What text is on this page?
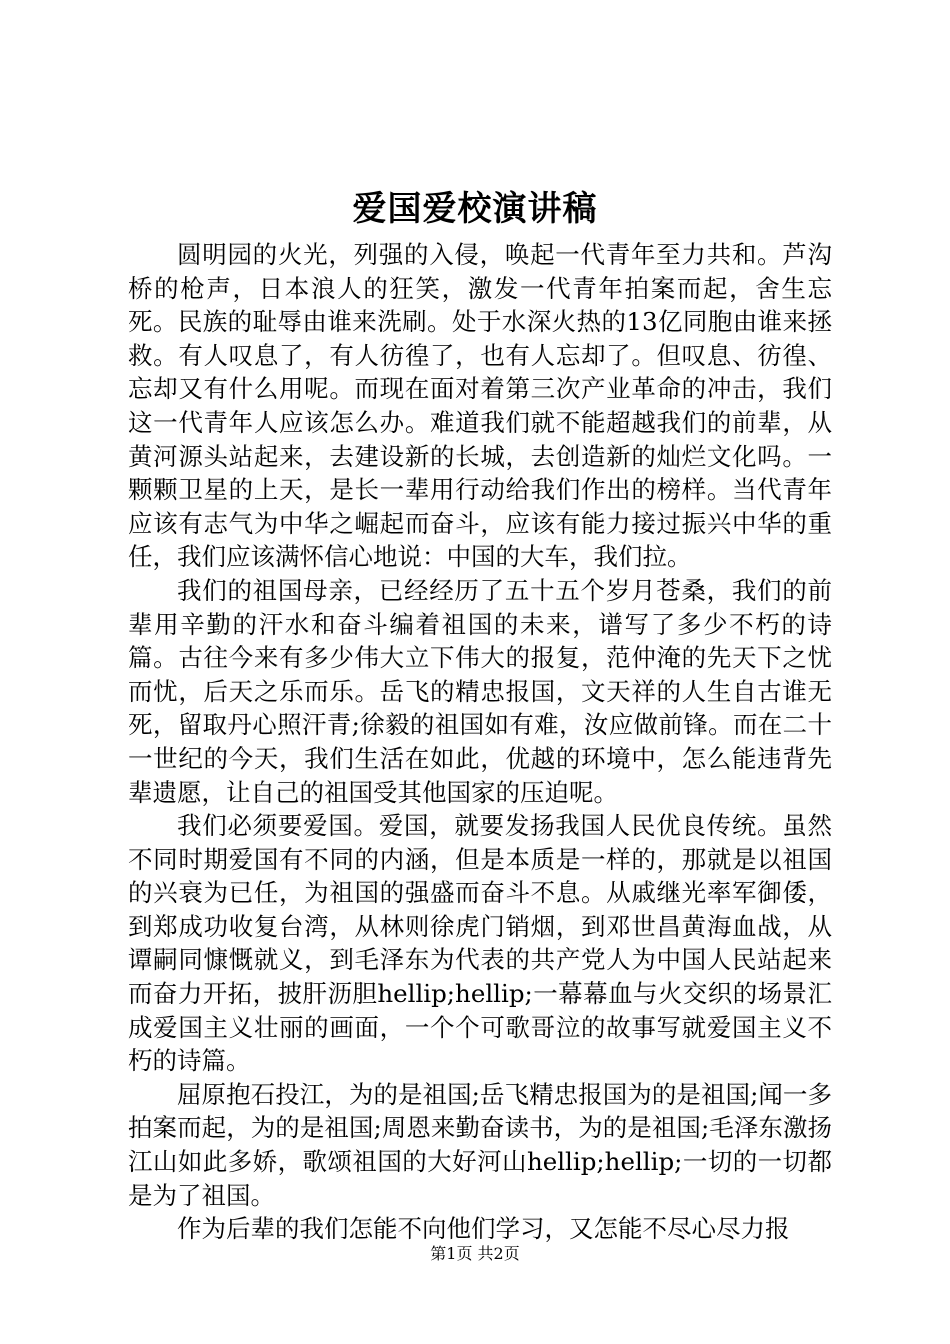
爱国爱校演讲稿

圆明园的火光，列强的入侵，唤起一代青年至力共和。芦沟桥的枪声，日本浪人的狂笑，激发一代青年拍案而起，舍生忘死。民族的耻辱由谁来洗刷。处于水深火热的13亿同胞由谁来拯救。有人叹息了，有人彷徨了，也有人忘却了。但叹息、彷徨、忘却又有什么用呢。而现在面对着第三次产业革命的冲击，我们这一代青年人应该怎么办。难道我们就不能超越我们的前辈，从黄河源头站起来，去建设新的长城，去创造新的灿烂文化吗。一颗颗卫星的上天，是长一辈用行动给我们作出的榜样。当代青年应该有志气为中华之崛起而奋斗，应该有能力接过振兴中华的重任，我们应该满怀信心地说：中国的大车，我们拉。

我们的祖国母亲，已经经历了五十五个岁月苍桑，我们的前辈用辛勤的汗水和奋斗编着祖国的未来，谱写了多少不朽的诗篇。古往今来有多少伟大立下伟大的报复，范仲淹的先天下之忧而忧，后天之乐而乐。岳飞的精忠报国，文天祥的人生自古谁无死，留取丹心照汗青;徐毅的祖国如有难，汝应做前锋。而在二十一世纪的今天，我们生活在如此，优越的环境中，怎么能违背先辈遗愿，让自己的祖国受其他国家的压迫呢。

我们必须要爱国。爱国，就要发扬我国人民优良传统。虽然不同时期爱国有不同的内涵，但是本质是一样的，那就是以祖国的兴衰为已任，为祖国的强盛而奋斗不息。从戚继光率军御倭，到郑成功收复台湾，从林则徐虎门销烟，到邓世昌黄海血战，从谭嗣同慷慨就义，到毛泽东为代表的共产党人为中国人民站起来而奋力开拓，披肝沥胆hellip;hellip;一幕幕血与火交织的场景汇成爱国主义壮丽的画面，一个个可歌哥泣的故事写就爱国主义不朽的诗篇。

屈原抱石投江，为的是祖国;岳飞精忠报国为的是祖国;闻一多拍案而起，为的是祖国;周恩来勤奋读书，为的是祖国;毛泽东激扬江山如此多娇，歌颂祖国的大好河山hellip;hellip;一切的一切都是为了祖国。

作为后辈的我们怎能不向他们学习，又怎能不尽心尽力报

第1页 共2页
